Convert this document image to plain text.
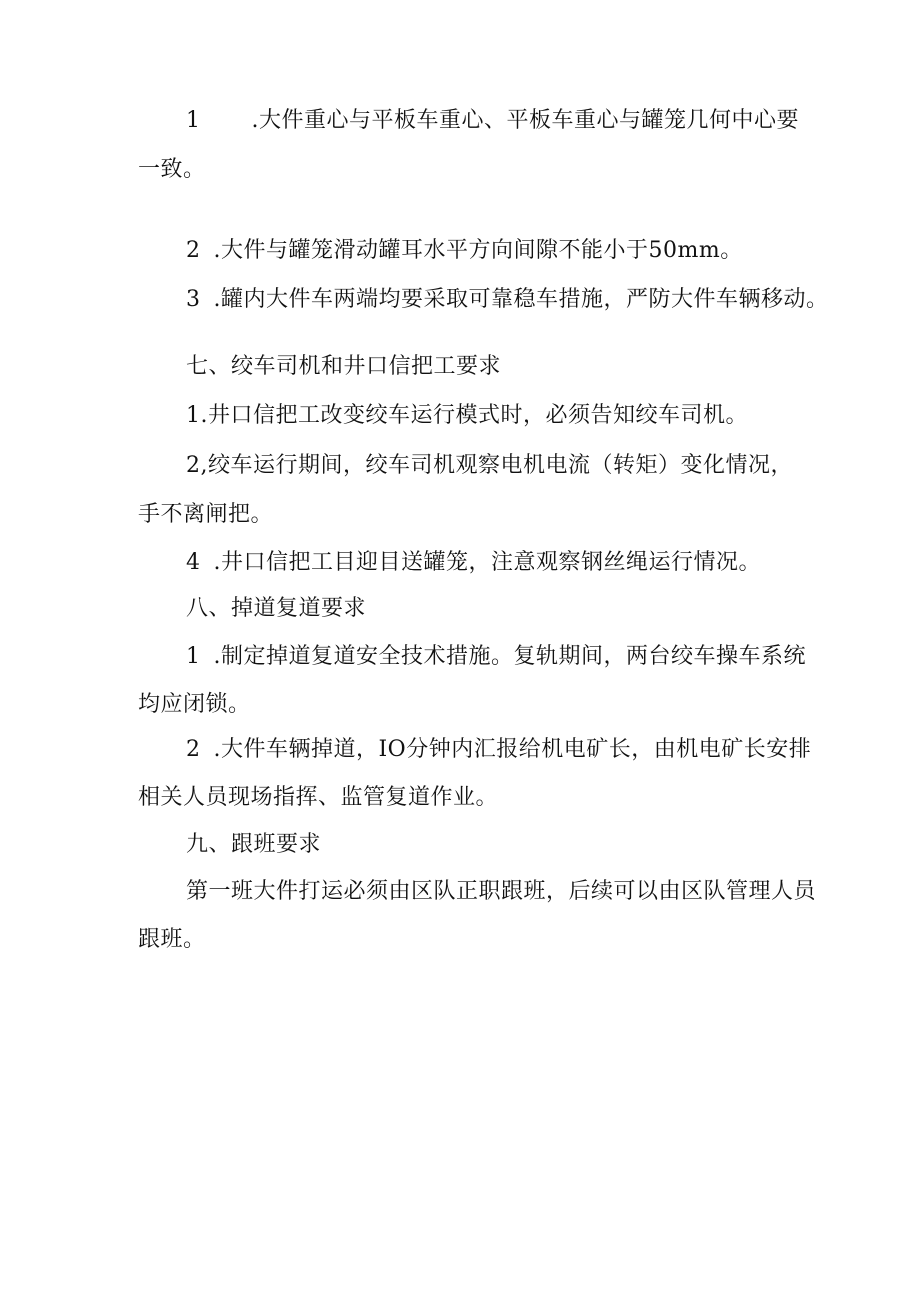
1 .大件重心与平板车重心、平板车重心与罐笼几何中心要
一致。
2 .大件与罐笼滑动罐耳水平方向间隙不能小于50mm。
3 .罐内大件车两端均要采取可靠稳车措施，严防大件车辆移动。
七、绞车司机和井口信把工要求
1.井口信把工改变绞车运行模式时，必须告知绞车司机。
2,绞车运行期间，绞车司机观察电机电流（转矩）变化情况，
手不离闸把。
4 .井口信把工目迎目送罐笼，注意观察钢丝绳运行情况。
八、掉道复道要求
1 .制定掉道复道安全技术措施。复轨期间，两台绞车操车系统
均应闭锁。
2 .大件车辆掉道，IO分钟内汇报给机电矿长，由机电矿长安排
相关人员现场指挥、监管复道作业。
九、跟班要求
第一班大件打运必须由区队正职跟班，后续可以由区队管理人员
跟班。
